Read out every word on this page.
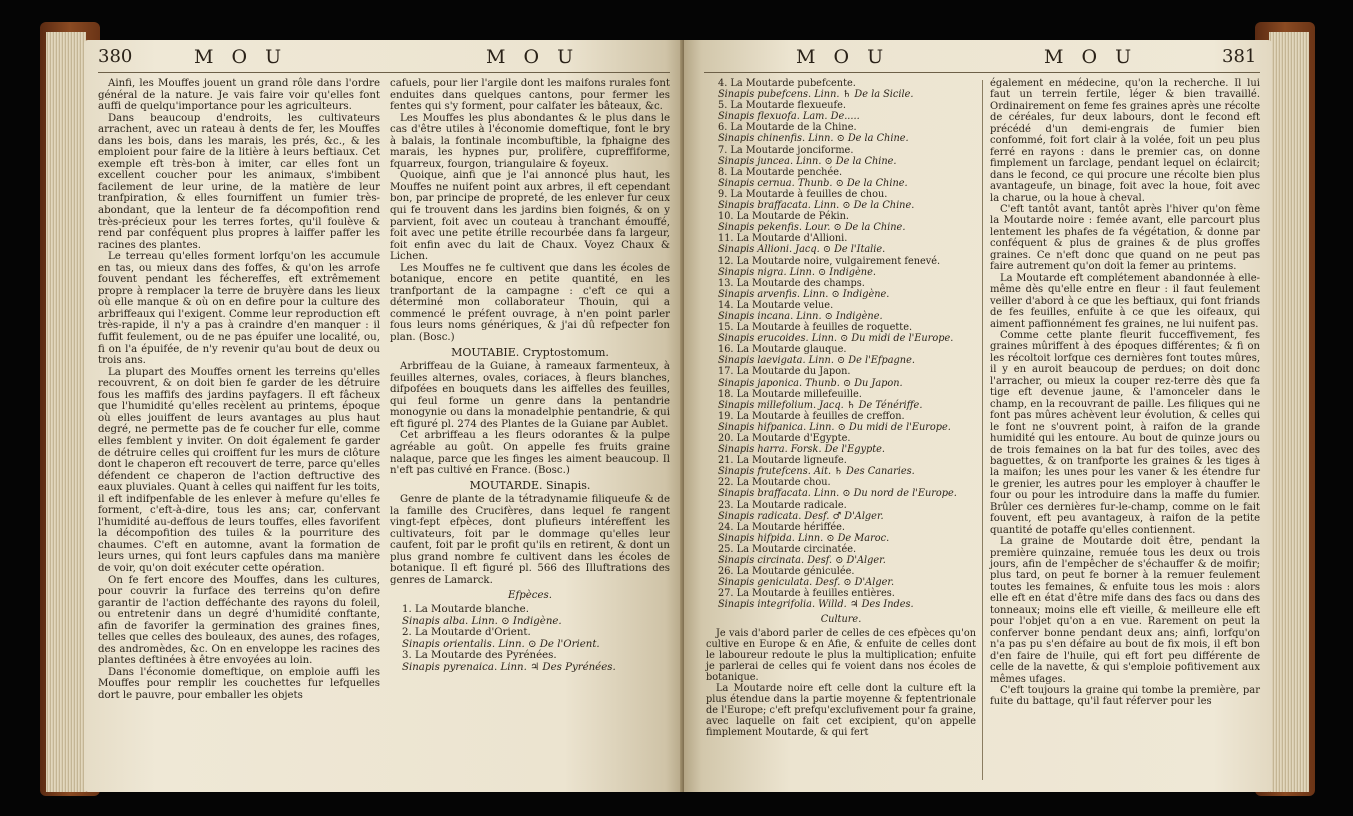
380	M O U	M O U

Ainfi, les Mouffes jouent un grand rôle dans l'ordre général de la nature. Je vais faire voir qu'elles font auffi de quelqu'importance pour les agriculteurs.

Dans beaucoup d'endroits, les cultivateurs arrachent, avec un rateau à dents de fer, les Mouffes dans les bois, dans les marais, les prés, &c., & les emploient pour faire de la litière à leurs beftiaux. Cet exemple eft très-bon à imiter, car elles font un excellent coucher pour les animaux, s'imbibent facilement de leur urine, de la matière de leur tranfpiration, & elles fourniffent un fumier très-abondant, que la lenteur de fa décompofition rend très-précieux pour les terres fortes, qu'il foulève & rend par conféquent plus propres à laiffer paffer les racines des plantes.

Le terreau qu'elles forment lorfqu'on les accumule en tas, ou mieux dans des foffes, & qu'on les arrofe fouvent pendant les féchereffes, eft extrêmement propre à remplacer la terre de bruyère dans les lieux où elle manque & où on en defire pour la culture des arbriffeaux qui l'exigent. Comme leur reproduction eft très-rapide, il n'y a pas à craindre d'en manquer : il fuffit feulement, ou de ne pas épuifer une localité, ou, fi on l'a épuifée, de n'y revenir qu'au bout de deux ou trois ans.

La plupart des Mouffes ornent les terreins qu'elles recouvrent, & on doit bien fe garder de les détruire fous les maffifs des jardins payfagers. Il eft fâcheux que l'humidité qu'elles recèlent au printems, époque où elles jouiffent de leurs avantages au plus haut degré, ne permette pas de fe coucher fur elle, comme elles femblent y inviter. On doit également fe garder de détruire celles qui croiffent fur les murs de clôture dont le chaperon eft recouvert de terre, parce qu'elles défendent ce chaperon de l'action deftructive des eaux pluviales. Quant à celles qui naiffent fur les toits, il eft indifpenfable de les enlever à mefure qu'elles fe forment, c'eft-à-dire, tous les ans; car, confervant l'humidité au-deffous de leurs touffes, elles favorifent la décompofition des tuiles & la pourriture des chaumes. C'eft en automne, avant la formation de leurs urnes, qui font leurs capfules dans ma manière de voir, qu'on doit exécuter cette opération.

On fe fert encore des Mouffes, dans les cultures, pour couvrir la furface des terreins qu'on defire garantir de l'action defféchante des rayons du foleil, ou entretenir dans un degré d'humidité conftante, afin de favorifer la germination des graines fines, telles que celles des bouleaux, des aunes, des rofages, des andromèdes, &c. On en enveloppe les racines des plantes deftinées à être envoyées au loin.

Dans l'économie domeftique, on emploie auffi les Mouffes pour remplir les couchettes fur lefquelles dort le pauvre, pour emballer les objets

cafuels, pour lier l'argile dont les maifons rurales font enduites dans quelques cantons, pour fermer les fentes qui s'y forment, pour calfater les bâteaux, &c.

Les Mouffes les plus abondantes & le plus dans le cas d'être utiles à l'économie domeftique, font le bry à balais, la fontinale incombuftible, la fphaigne des marais, les hypnes pur, prolifère, cupreffiforme, fquarreux, fourgon, triangulaire & foyeux.

Quoique, ainfi que je l'ai annoncé plus haut, les Mouffes ne nuifent point aux arbres, il eft cependant bon, par principe de propreté, de les enlever fur ceux qui fe trouvent dans les jardins bien foignés, & on y parvient, foit avec un couteau à tranchant émouffé, foit avec une petite étrille recourbée dans fa largeur, foit enfin avec du lait de Chaux. Voyez Chaux & Lichen.

Les Mouffes ne fe cultivent que dans les écoles de botanique, encore en petite quantité, en les tranfportant de la campagne : c'eft ce qui a déterminé mon collaborateur Thouin, qui a commencé le préfent ouvrage, à n'en point parler fous leurs noms génériques, & j'ai dû refpecter fon plan. (Bosc.)

MOUTABIE. Cryptostomum.

Arbriffeau de la Guiane, à rameaux farmenteux, à feuilles alternes, ovales, coriaces, à fleurs blanches, difpofées en bouquets dans les aiffelles des feuilles, qui feul forme un genre dans la pentandrie monogynie ou dans la monadelphie pentandrie, & qui eft figuré pl. 274 des Plantes de la Guiane par Aublet.

Cet arbriffeau a les fleurs odorantes & la pulpe agréable au goût. On appelle fes fruits graine nalaque, parce que les finges les aiment beaucoup. Il n'eft pas cultivé en France. (Bosc.)

MOUTARDE. Sinapis.

Genre de plante de la tétradynamie filiqueufe & de la famille des Crucifères, dans lequel fe rangent vingt-fept efpèces, dont plufieurs intéreffent les cultivateurs, foit par le dommage qu'elles leur caufent, foit par le profit qu'ils en retirent, & dont un plus grand nombre fe cultivent dans les écoles de botanique. Il eft figuré pl. 566 des Illuftrations des genres de Lamarck.

Efpèces.

1. La Moutarde blanche.

Sinapis alba. Linn. ⊙ Indigène.

2. La Moutarde d'Orient.

Sinapis orientalis. Linn. ⊙ De l'Orient.

3. La Moutarde des Pyrénées.

Sinapis pyrenaica. Linn. ♃ Des Pyrénées.

M O U	M O U	381

4. La Moutarde pubefcente.

Sinapis pubefcens. Linn. ♄ De la Sicile.

5. La Moutarde flexueufe.

Sinapis flexuofa. Lam. De.....

6. La Moutarde de la Chine.

Sinapis chinenfis. Linn. ⊙ De la Chine.

7. La Moutarde jonciforme.

Sinapis juncea. Linn. ⊙ De la Chine.

8. La Moutarde penchée.

Sinapis cernua. Thunb. ⊙ De la Chine.

9. La Moutarde à feuilles de chou.

Sinapis braffacata. Linn. ⊙ De la Chine.

10. La Moutarde de Pékin.

Sinapis pekenfis. Lour. ⊙ De la Chine.

11. La Moutarde d'Allioni.

Sinapis Allioni. Jacq. ⊙ De l'Italie.

12. La Moutarde noire, vulgairement fenevé.

Sinapis nigra. Linn. ⊙ Indigène.

13. La Moutarde des champs.

Sinapis arvenfis. Linn. ⊙ Indigène.

14. La Moutarde velue.

Sinapis incana. Linn. ⊙ Indigène.

15. La Moutarde à feuilles de roquette.

Sinapis erucoides. Linn. ⊙ Du midi de l'Europe.

16. La Moutarde glauque.

Sinapis laevigata. Linn. ⊙ De l'Efpagne.

17. La Moutarde du Japon.

Sinapis japonica. Thunb. ⊙ Du Japon.

18. La Moutarde millefeuille.

Sinapis millefolium. Jacq. ♄ De Ténériffe.

19. La Moutarde à feuilles de creffon.

Sinapis hifpanica. Linn. ⊙ Du midi de l'Europe.

20. La Moutarde d'Egypte.

Sinapis harra. Forsk. De l'Egypte.

21. La Moutarde ligneufe.

Sinapis frutefcens. Ait. ♄ Des Canaries.

22. La Moutarde chou.

Sinapis braffacata. Linn. ⊙ Du nord de l'Europe.

23. La Moutarde radicale.

Sinapis radicata. Desf. ♂ D'Alger.

24. La Moutarde hériffée.

Sinapis hifpida. Linn. ⊙ De Maroc.

25. La Moutarde circinatée.

Sinapis circinata. Desf. ⊙ D'Alger.

26. La Moutarde géniculée.

Sinapis geniculata. Desf. ⊙ D'Alger.

27. La Moutarde à feuilles entières.

Sinapis integrifolia. Willd. ♃ Des Indes.

Culture.

Je vais d'abord parler de celles de ces efpèces qu'on cultive en Europe & en Afie, & enfuite de celles dont le laboureur redoute le plus la multiplication; enfuite je parlerai de celles qui fe voient dans nos écoles de botanique.

La Moutarde noire eft celle dont la culture eft la plus étendue dans la partie moyenne & feptentrionale de l'Europe; c'eft prefqu'exclufivement pour fa graine, avec laquelle on fait cet excipient, qu'on appelle fimplement Moutarde, & qui fert

également en médecine, qu'on la recherche. Il lui faut un terrein fertile, léger & bien travaillé. Ordinairement on feme fes graines après une récolte de céréales, fur deux labours, dont le fecond eft précédé d'un demi-engrais de fumier bien confommé, foit fort clair à la volée, foit un peu plus ferré en rayons : dans le premier cas, on donne fimplement un farclage, pendant lequel on éclaircit; dans le fecond, ce qui procure une récolte bien plus avantageufe, un binage, foit avec la houe, foit avec la charue, ou la houe à cheval.

C'eft tantôt avant, tantôt après l'hiver qu'on fème la Moutarde noire : femée avant, elle parcourt plus lentement les phafes de fa végétation, & donne par conféquent & plus de graines & de plus groffes graines. Ce n'eft donc que quand on ne peut pas faire autrement qu'on doit la femer au printems.

La Moutarde eft complétement abandonnée à elle-même dès qu'elle entre en fleur : il faut feulement veiller d'abord à ce que les beftiaux, qui font friands de fes feuilles, enfuite à ce que les oifeaux, qui aiment paffionnément fes graines, ne lui nuifent pas.

Comme cette plante fleurit fucceffivement, fes graines mûriffent à des époques différentes; & fi on les récoltoit lorfque ces dernières font toutes mûres, il y en auroit beaucoup de perdues; on doit donc l'arracher, ou mieux la couper rez-terre dès que fa tige eft devenue jaune, & l'amonceler dans le champ, en la recouvrant de paille. Les filiques qui ne font pas mûres achèvent leur évolution, & celles qui le font ne s'ouvrent point, à raifon de la grande humidité qui les entoure. Au bout de quinze jours ou de trois femaines on la bat fur des toiles, avec des baguettes, & on tranfporte les graines & les tiges à la maifon; les unes pour les vaner & les étendre fur le grenier, les autres pour les employer à chauffer le four ou pour les introduire dans la maffe du fumier. Brûler ces dernières fur-le-champ, comme on le fait fouvent, eft peu avantageux, à raifon de la petite quantité de potaffe qu'elles contiennent.

La graine de Moutarde doit être, pendant la première quinzaine, remuée tous les deux ou trois jours, afin de l'empêcher de s'échauffer & de moifir; plus tard, on peut fe borner à la remuer feulement toutes les femaines, & enfuite tous les mois : alors elle eft en état d'être mife dans des facs ou dans des tonneaux; moins elle eft vieille, & meilleure elle eft pour l'objet qu'on a en vue. Rarement on peut la conferver bonne pendant deux ans; ainfi, lorfqu'on n'a pas pu s'en défaire au bout de fix mois, il eft bon d'en faire de l'huile, qui eft fort peu différente de celle de la navette, & qui s'emploie pofitivement aux mêmes ufages.

C'eft toujours la graine qui tombe la première, par fuite du battage, qu'il faut réferver pour les
